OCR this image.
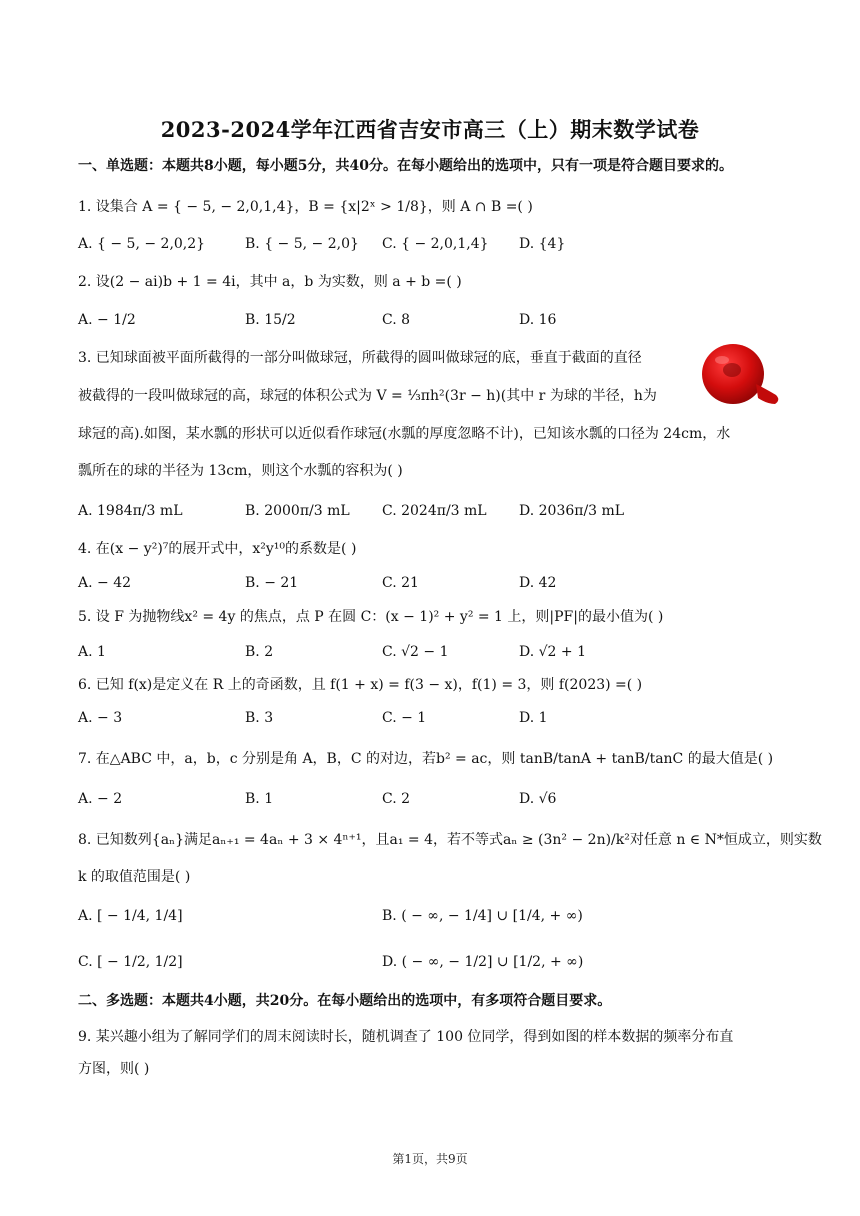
2023-2024学年江西省吉安市高三（上）期末数学试卷
一、单选题：本题共8小题，每小题5分，共40分。在每小题给出的选项中，只有一项是符合题目要求的。
1. 设集合 A = { − 5, − 2,0,1,4}，B = {x|2ˣ > 1/8}，则 A ∩ B =( )
A. { − 5, − 2,0,2}	B. { − 5, − 2,0} C. { − 2,0,1,4} D. {4}
2. 设(2 − ai)b + 1 = 4i，其中 a，b 为实数，则 a + b =( )
A. − 1/2	B. 15/2	C. 8	D. 16
3. 已知球面被平面所截得的一部分叫做球冠，所截得的圆叫做球冠的底，垂直于截面的直径
被截得的一段叫做球冠的高，球冠的体积公式为 V = ⅓πh²(3r − h)(其中 r 为球的半径，h为
球冠的高).如图，某水瓢的形状可以近似看作球冠(水瓢的厚度忽略不计)，已知该水瓢的口径为 24cm，水
瓢所在的球的半径为 13cm，则这个水瓢的容积为( )
A. 1984π/3 mL	B. 2000π/3 mL C. 2024π/3 mL D. 2036π/3 mL
4. 在(x − y²)⁷的展开式中，x²y¹⁰的系数是( )
A. − 42	B. − 21	C. 21	D. 42
5. 设 F 为抛物线x² = 4y 的焦点，点 P 在圆 C：(x − 1)² + y² = 1 上，则|PF|的最小值为( )
A. 1	B. 2	C. √2 − 1	D. √2 + 1
6. 已知 f(x)是定义在 R 上的奇函数，且 f(1 + x) = f(3 − x)，f(1) = 3，则 f(2023) =( )
A. − 3	B. 3	C. − 1	D. 1
7. 在△ABC 中，a，b，c 分别是角 A，B，C 的对边，若b² = ac，则 tanB/tanA + tanB/tanC 的最大值是( )
A. − 2	B. 1	C. 2	D. √6
8. 已知数列{aₙ}满足aₙ₊₁ = 4aₙ + 3 × 4ⁿ⁺¹，且a₁ = 4，若不等式aₙ ≥ (3n² − 2n)/k²对任意 n ∈ N*恒成立，则实数
k 的取值范围是( )
A. [ − 1/4, 1/4]	B. ( − ∞, − 1/4] ∪ [1/4, + ∞)
C. [ − 1/2, 1/2]	D. ( − ∞, − 1/2] ∪ [1/2, + ∞)
二、多选题：本题共4小题，共20分。在每小题给出的选项中，有多项符合题目要求。
9. 某兴趣小组为了解同学们的周末阅读时长，随机调查了 100 位同学，得到如图的样本数据的频率分布直
方图，则( )
第1页，共9页
